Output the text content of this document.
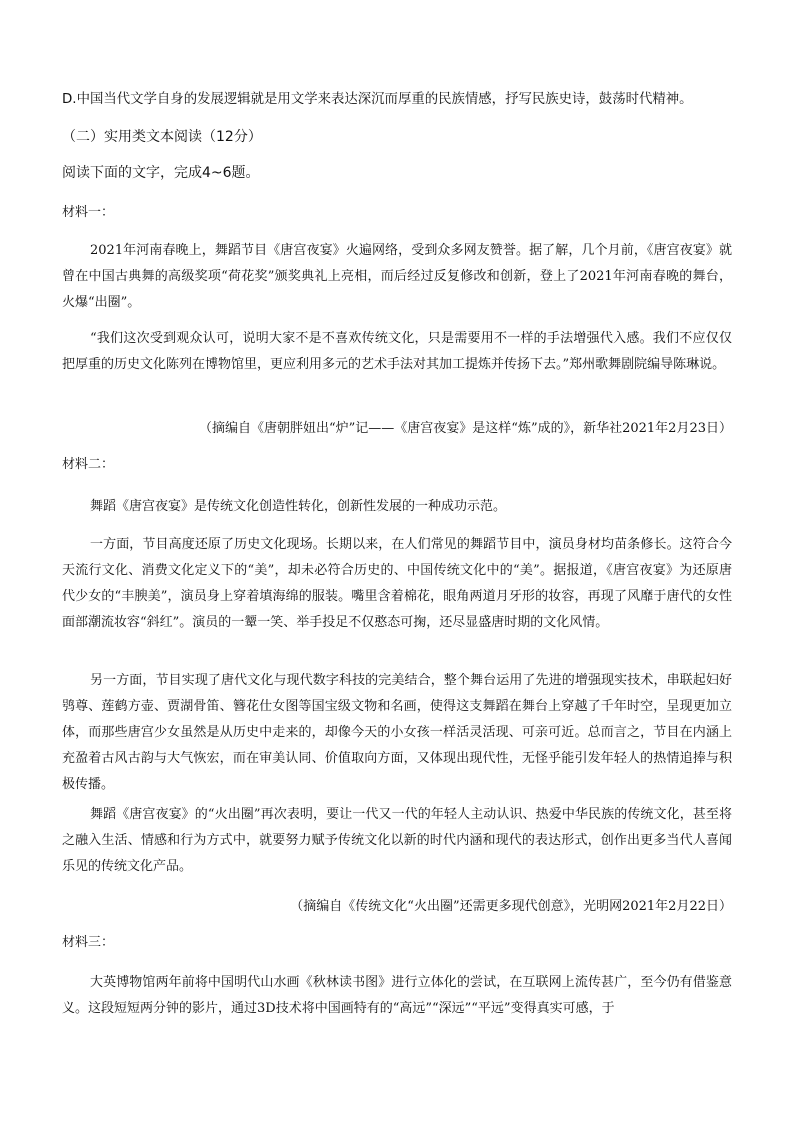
D.中国当代文学自身的发展逻辑就是用文学来表达深沉而厚重的民族情感，抒写民族史诗，鼓荡时代精神。
（二）实用类文本阅读（12分）
阅读下面的文字，完成4~6题。
材料一：
2021年河南春晚上，舞蹈节目《唐宫夜宴》火遍网络，受到众多网友赞誉。据了解，几个月前，《唐宫夜宴》就曾在中国古典舞的高级奖项“荷花奖”颁奖典礼上亮相，而后经过反复修改和创新，登上了2021年河南春晚的舞台，火爆“出圈”。
“我们这次受到观众认可，说明大家不是不喜欢传统文化，只是需要用不一样的手法增强代入感。我们不应仅仅把厚重的历史文化陈列在博物馆里，更应利用多元的艺术手法对其加工提炼并传扬下去。”郑州歌舞剧院编导陈琳说。
（摘编自《唐朝胖妞出“炉”记——《唐宫夜宴》是这样“炼”成的》，新华社2021年2月23日）
材料二：
舞蹈《唐宫夜宴》是传统文化创造性转化，创新性发展的一种成功示范。
一方面，节目高度还原了历史文化现场。长期以来，在人们常见的舞蹈节目中，演员身材均苗条修长。这符合今天流行文化、消费文化定义下的“美”，却未必符合历史的、中国传统文化中的“美”。据报道，《唐宫夜宴》为还原唐代少女的“丰腴美”，演员身上穿着填海绵的服装。嘴里含着棉花，眼角两道月牙形的妆容，再现了风靡于唐代的女性面部潮流妆容“斜红”。演员的一颦一笑、举手投足不仅憨态可掬，还尽显盛唐时期的文化风情。
另一方面，节目实现了唐代文化与现代数字科技的完美结合，整个舞台运用了先进的增强现实技术，串联起妇好鸮尊、莲鹤方壶、贾湖骨笛、簪花仕女图等国宝级文物和名画，使得这支舞蹈在舞台上穿越了千年时空，呈现更加立体，而那些唐宫少女虽然是从历史中走来的，却像今天的小女孩一样活灵活现、可亲可近。总而言之，节目在内涵上充盈着古风古韵与大气恢宏，而在审美认同、价值取向方面，又体现出现代性，无怪乎能引发年轻人的热情追捧与积极传播。
舞蹈《唐宫夜宴》的“火出圈”再次表明，要让一代又一代的年轻人主动认识、热爱中华民族的传统文化，甚至将之融入生活、情感和行为方式中，就要努力赋予传统文化以新的时代内涵和现代的表达形式，创作出更多当代人喜闻乐见的传统文化产品。
（摘编自《传统文化“火出圈”还需更多现代创意》，光明网2021年2月22日）
材料三：
大英博物馆两年前将中国明代山水画《秋林读书图》进行立体化的尝试，在互联网上流传甚广，至今仍有借鉴意义。这段短短两分钟的影片，通过3D技术将中国画特有的“高远”“深远”“平远”变得真实可感，于
